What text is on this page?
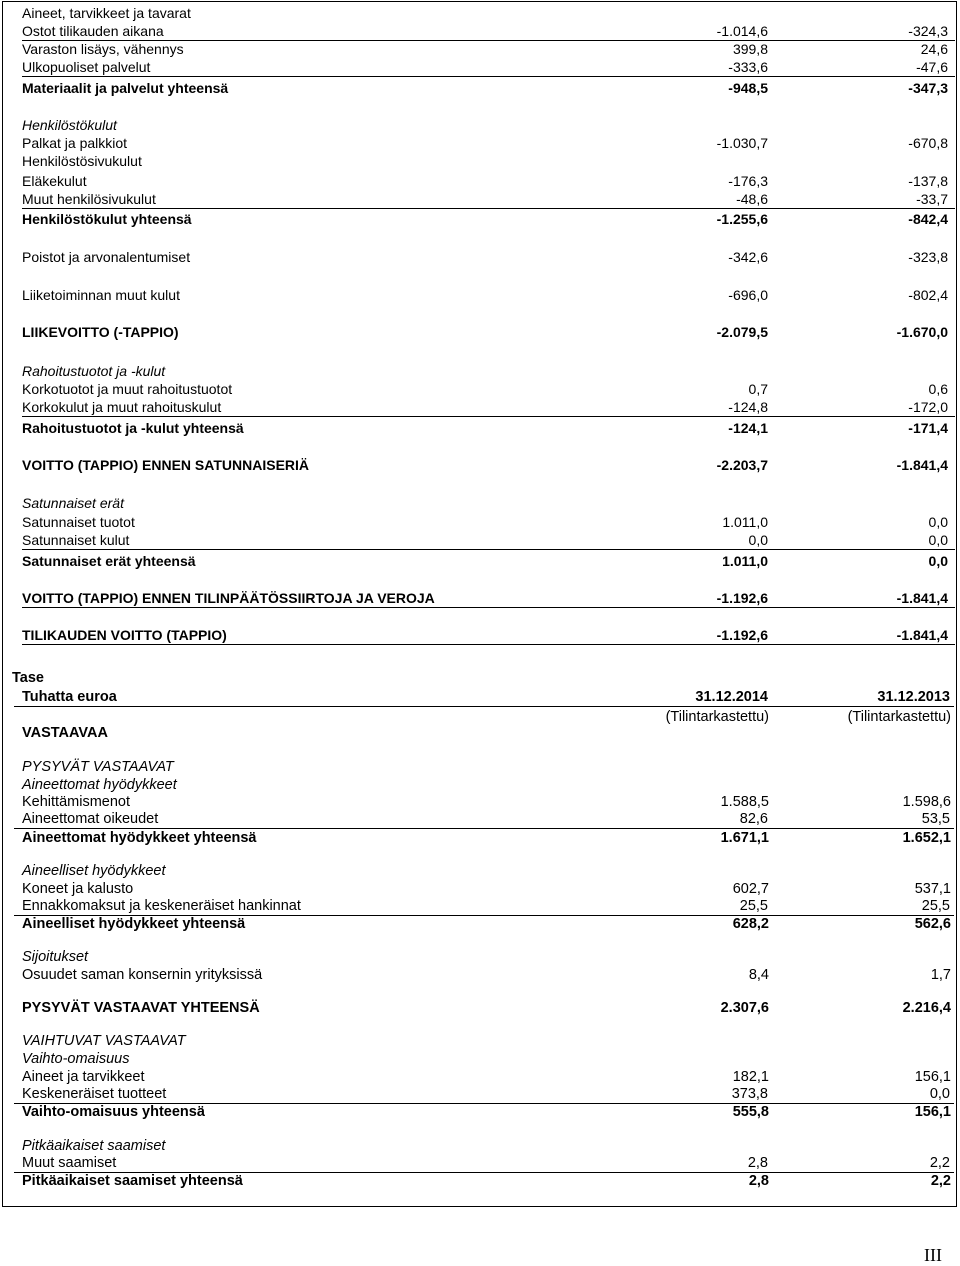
Aineet, tarvikkeet ja tavarat
Ostot tilikauden aikana	-1.014,6	-324,3
Varaston lisäys, vähennys	399,8	24,6
Ulkopuoliset palvelut	-333,6	-47,6
Materiaalit ja palvelut yhteensä	-948,5	-347,3
Henkilöstökulut
Palkat ja palkkiot	-1.030,7	-670,8
Henkilöstösivukulut
Eläkekulut	-176,3	-137,8
Muut henkilösivukulut	-48,6	-33,7
Henkilöstökulut yhteensä	-1.255,6	-842,4
Poistot ja arvonalentumiset	-342,6	-323,8
Liiketoiminnan muut kulut	-696,0	-802,4
LIIKEVOITTO (-TAPPIO)	-2.079,5	-1.670,0
Rahoitustuotot ja -kulut
Korkotuotot ja muut rahoitustuotot	0,7	0,6
Korkokulut ja muut rahoituskulut	-124,8	-172,0
Rahoitustuotot ja -kulut yhteensä	-124,1	-171,4
VOITTO (TAPPIO) ENNEN SATUNNAISERIÄ	-2.203,7	-1.841,4
Satunnaiset erät
Satunnaiset tuotot	1.011,0	0,0
Satunnaiset kulut	0,0	0,0
Satunnaiset erät yhteensä	1.011,0	0,0
VOITTO (TAPPIO) ENNEN TILINPÄÄTÖSSIIRTOJA JA VEROJA	-1.192,6	-1.841,4
TILIKAUDEN VOITTO (TAPPIO)	-1.192,6	-1.841,4
Tase
Tuhatta euroa	31.12.2014	31.12.2013
(Tilintarkastettu)	(Tilintarkastettu)
VASTAAVAA
PYSYVÄT VASTAAVAT
Aineettomat hyödykkeet
Kehittämismenot	1.588,5	1.598,6
Aineettomat oikeudet	82,6	53,5
Aineettomat hyödykkeet yhteensä	1.671,1	1.652,1
Aineelliset hyödykkeet
Koneet ja kalusto	602,7	537,1
Ennakkomaksut ja keskeneräiset hankinnat	25,5	25,5
Aineelliset hyödykkeet yhteensä	628,2	562,6
Sijoitukset
Osuudet saman konsernin yrityksissä	8,4	1,7
PYSYVÄT VASTAAVAT YHTEENSÄ	2.307,6	2.216,4
VAIHTUVAT VASTAAVAT
Vaihto-omaisuus
Aineet ja tarvikkeet	182,1	156,1
Keskeneräiset tuotteet	373,8	0,0
Vaihto-omaisuus yhteensä	555,8	156,1
Pitkäaikaiset saamiset
Muut saamiset	2,8	2,2
Pitkäaikaiset saamiset yhteensä	2,8	2,2
III
